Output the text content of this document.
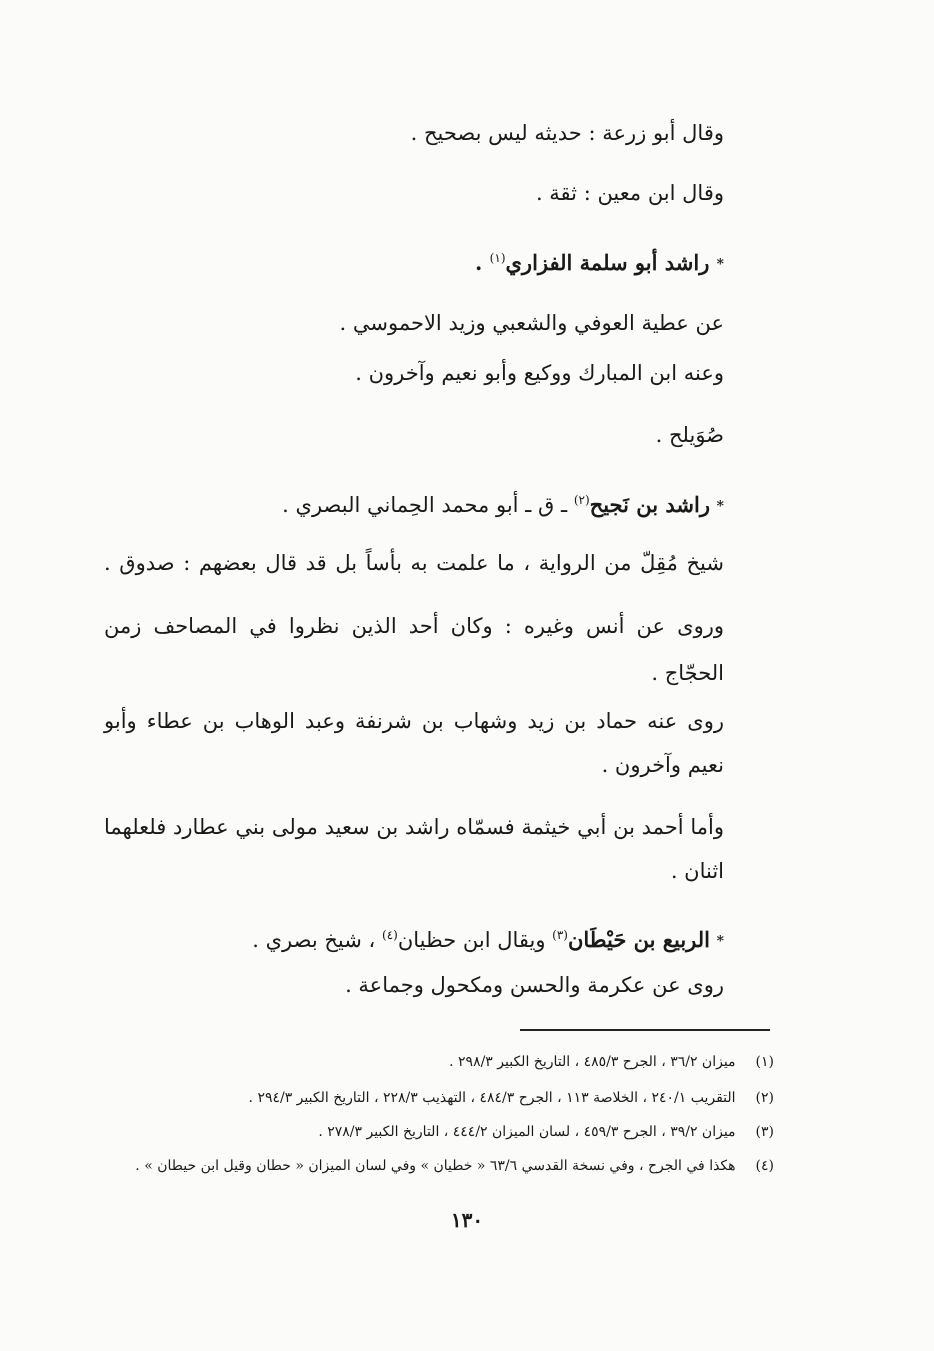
وقال أبو زرعة : حديثه ليس بصحيح .
وقال ابن معين : ثقة .
* راشد أبو سلمة الفزاري$^{(١)}$ .
عن عطية العوفي والشعبي وزيد الاحموسي .
وعنه ابن المبارك ووكيع وأبو نعيم وآخرون .
صُوَيلح .
* راشد بن نَجيح$^{(٢)}$ ـ ق ـ أبو محمد الحِماني البصري .
شيخ مُقِلّ من الرواية ، ما علمت به بأساً بل قد قال بعضهم : صدوق .
وروى عن أنس وغيره : وكان أحد الذين نظروا في المصاحف زمن
الحجّاج .
روى عنه حماد بن زيد وشهاب بن شرنفة وعبد الوهاب بن عطاء وأبو
نعيم وآخرون .
وأما أحمد بن أبي خيثمة فسمّاه راشد بن سعيد مولى بني عطارد فلعلهما
اثنان .
* الربيع بن حَيْطَان$^{(٣)}$ ويقال ابن حظيان$^{(٤)}$ ، شيخ بصري .
روى عن عكرمة والحسن ومكحول وجماعة .
(١) ميزان ٣٦/٢ ، الجرح ٤٨٥/٣ ، التاريخ الكبير ٢٩٨/٣ .
(٢) التقريب ٢٤٠/١ ، الخلاصة ١١٣ ، الجرح ٤٨٤/٣ ، التهذيب ٢٢٨/٣ ، التاريخ الكبير ٢٩٤/٣ .
(٣) ميزان ٣٩/٢ ، الجرح ٤٥٩/٣ ، لسان الميزان ٤٤٤/٢ ، التاريخ الكبير ٢٧٨/٣ .
(٤) هكذا في الجرح ، وفي نسخة القدسي ٦٣/٦ « خطيان » وفي لسان الميزان « حطان وقيل ابن حيطان » .
١٣٠
